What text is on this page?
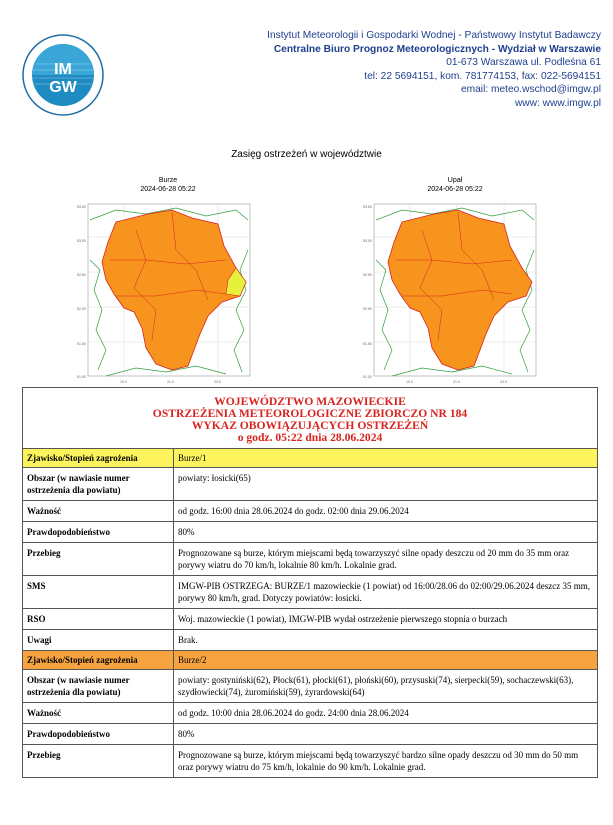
IM
GW
Instytut Meteorologii i Gospodarki Wodnej - Państwowy Instytut Badawczy
Centralne Biuro Prognoz Meteorologicznych - Wydział w Warszawie
01-673 Warszawa ul. Podleśna 61
tel: 22 5694151, kom. 781774153, fax: 022-5694151
email: meteo.wschod@imgw.pl
www: www.imgw.pl
Zasięg ostrzeżeń w województwie
Burze
2024-06-28 05:22
Upał
2024-06-28 05:22
53.50
53.00
52.50
52.00
51.50
51.00
19.0	21.0	23.0
53.50
53.00
52.50
52.00
51.50
51.00
19.0	21.0	23.0
WOJEWÓDZTWO MAZOWIECKIE
OSTRZEŻENIA METEOROLOGICZNE ZBIORCZO NR 184
WYKAZ OBOWIĄZUJĄCYCH OSTRZEŻEŃ
o godz. 05:22 dnia 28.06.2024	

Zjawisko/Stopień zagrożenia	Burze/1
Obszar (w nawiasie numer ostrzeżenia dla powiatu)	powiaty: łosicki(65)
Ważność	od godz. 16:00 dnia 28.06.2024 do godz. 02:00 dnia 29.06.2024
Prawdopodobieństwo	80%
Przebieg	Prognozowane są burze, którym miejscami będą towarzyszyć silne opady deszczu od 20 mm do 35 mm oraz porywy wiatru do 70 km/h, lokalnie 80 km/h. Lokalnie grad.
SMS	IMGW-PIB OSTRZEGA: BURZE/1 mazowieckie (1 powiat) od 16:00/28.06 do 02:00/29.06.2024 deszcz 35 mm, porywy 80 km/h, grad. Dotyczy powiatów: łosicki.
RSO	Woj. mazowieckie (1 powiat), IMGW-PIB wydał ostrzeżenie pierwszego stopnia o burzach
Uwagi	Brak.
Zjawisko/Stopień zagrożenia	Burze/2
Obszar (w nawiasie numer ostrzeżenia dla powiatu)	powiaty: gostyniński(62), Płock(61), płocki(61), płoński(60), przysuski(74), sierpecki(59), sochaczewski(63), szydłowiecki(74), żuromiński(59), żyrardowski(64)
Ważność	od godz. 10:00 dnia 28.06.2024 do godz. 24:00 dnia 28.06.2024
Prawdopodobieństwo	80%
Przebieg	Prognozowane są burze, którym miejscami będą towarzyszyć bardzo silne opady deszczu od 30 mm do 50 mm oraz porywy wiatru do 75 km/h, lokalnie do 90 km/h. Lokalnie grad.
